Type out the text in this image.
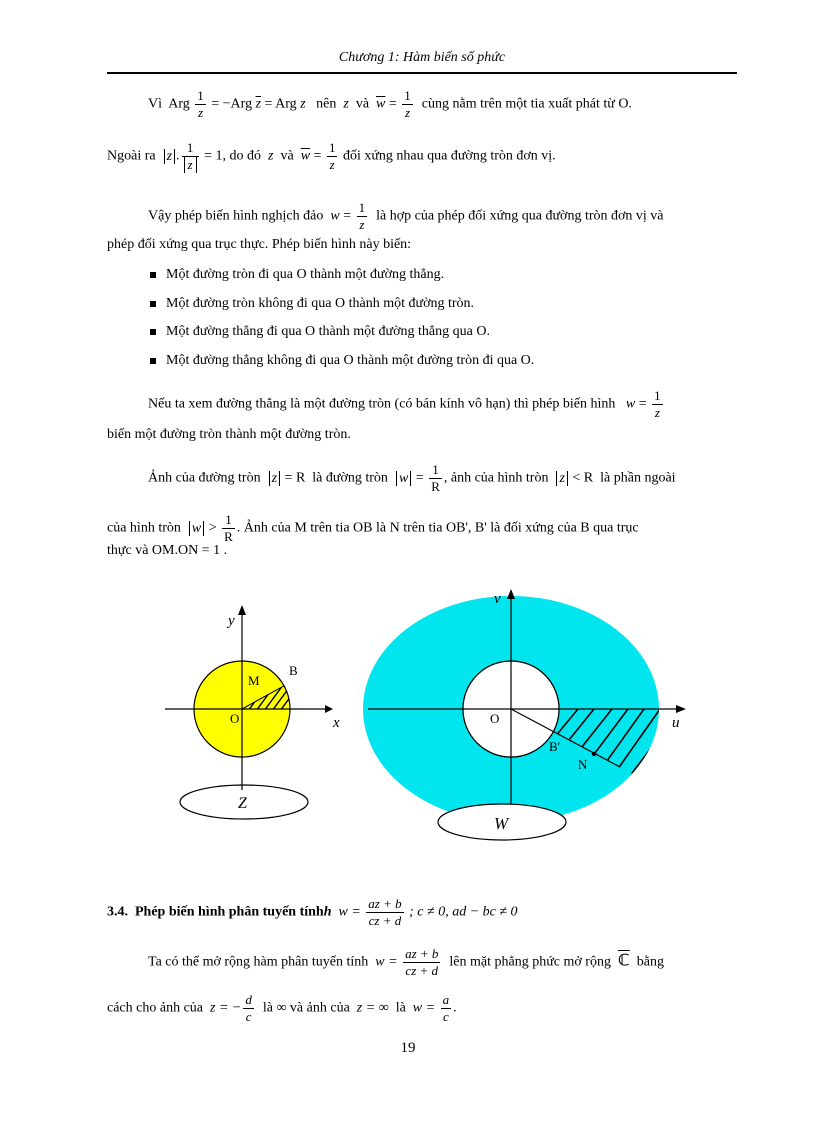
Chương 1: Hàm biến số phức
Vì Arg $\frac{1}{z} = -Arg$ $\overline{z}$ = Arg z nên z và $\overline{w} = \frac{1}{z}$ cùng nằm trên một tia xuất phát từ O.
Ngoài ra z . $\frac{1}{z} = 1$, do đó z và $\overline{w} = \frac{1}{z}$ đối xứng nhau qua đường tròn đơn vị.
Vậy phép biến hình nghịch đảo $w = \frac{1}{z}$ là hợp của phép đối xứng qua đường tròn đơn vị và
phép đối xứng qua trục thực. Phép biến hình này biến:
Một đường tròn đi qua O thành một đường thẳng.
Một đường tròn không đi qua O thành một đường tròn.
Một đường thẳng đi qua O thành một đường thẳng qua O.
Một đường thẳng không đi qua O thành một đường tròn đi qua O.
Nếu ta xem đường thẳng là một đường tròn (có bán kính vô hạn) thì phép biến hình $w = \frac{1}{z}$
biến một đường tròn thành một đường tròn.
Ảnh của đường tròn z = R là đường tròn $w = \frac{1}{R}$ , ảnh của hình tròn z < R là phần ngoài
của hình tròn $w > \frac{1}{R}$ . Ảnh của M trên tia OB là N trên tia OB', B' là đối xứng của B qua trục
thực và OM.ON = 1 .
y
x
O
M
B
Z
v
u
O
B'
N
W
3.4. Phép biến hình phân tuyến tínhh $w = \frac{az + b}{cz + d}$ ; c ≠ 0, ad − bc ≠ 0
Ta có thể mở rộng hàm phân tuyến tính $w = \frac{az + b}{cz + d}$ lên mặt phẳng phức mở rộng ℂ bằng
cách cho ảnh của z = − $\frac{d}{c}$ là ∞ và ảnh của z = ∞ là $w = \frac{a}{c}$ .
19
